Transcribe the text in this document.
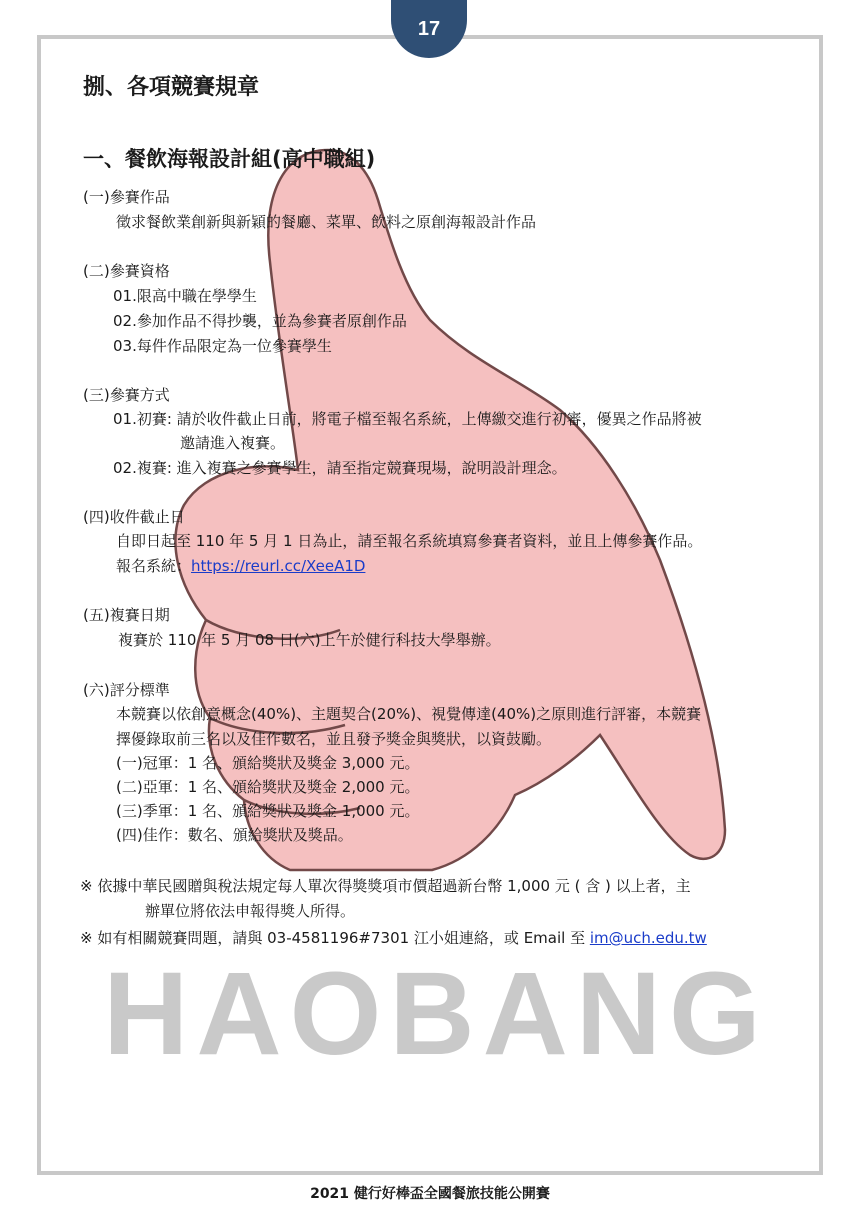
17
HAOBANG
捌、各項競賽規章
一、餐飲海報設計組(高中職組)
(一)參賽作品
徵求餐飲業創新與新穎的餐廳、菜單、飲料之原創海報設計作品
(二)參賽資格
01.限高中職在學學生
02.參加作品不得抄襲，並為參賽者原創作品
03.每件作品限定為一位參賽學生
(三)參賽方式
01.初賽: 請於收件截止日前，將電子檔至報名系統，上傳繳交進行初審，優異之作品將被
邀請進入複賽。
02.複賽: 進入複賽之參賽學生，請至指定競賽現場，說明設計理念。
(四)收件截止日
自即日起至 110 年 5 月 1 日為止，請至報名系統填寫參賽者資料，並且上傳參賽作品。
報名系統：https://reurl.cc/XeeA1D
(五)複賽日期
複賽於 110 年 5 月 08 日(六)上午於健行科技大學舉辦。
(六)評分標準
本競賽以依創意概念(40%)、主題契合(20%)、視覺傳達(40%)之原則進行評審，本競賽
擇優錄取前三名以及佳作數名，並且發予獎金與獎狀，以資鼓勵。
(一)冠軍：1 名、頒給獎狀及獎金 3,000 元。
(二)亞軍：1 名、頒給獎狀及獎金 2,000 元。
(三)季軍：1 名、頒給獎狀及獎金 1,000 元。
(四)佳作：數名、頒給獎狀及獎品。
※ 依據中華民國贈與稅法規定每人單次得獎獎項市價超過新台幣 1,000 元 ( 含 ) 以上者，主
辦單位將依法申報得獎人所得。
※ 如有相關競賽問題，請與 03-4581196#7301 江小姐連絡，或 Email 至 im@uch.edu.tw
2021 健行好棒盃全國餐旅技能公開賽
